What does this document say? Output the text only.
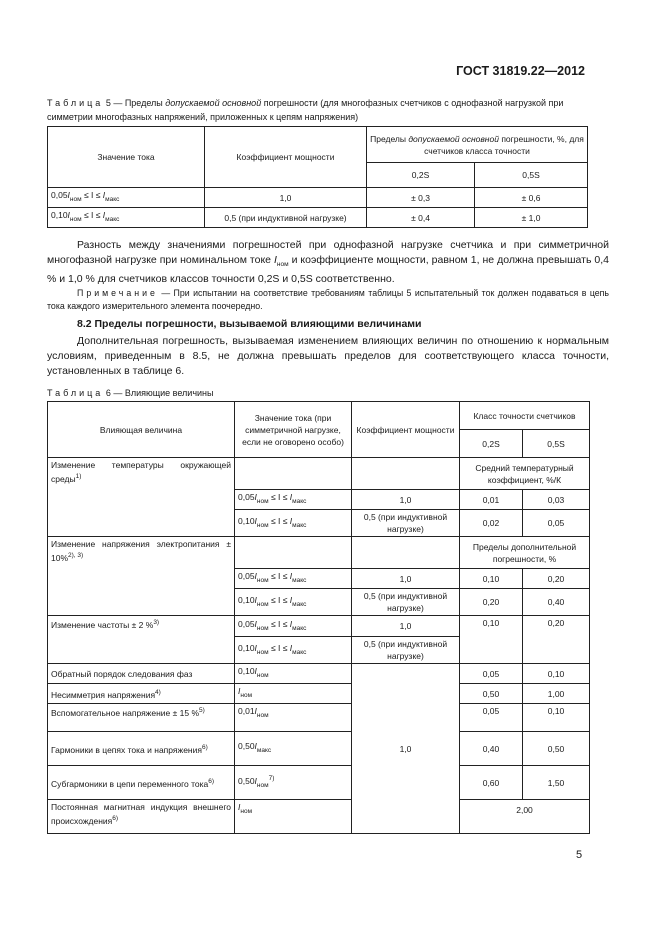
ГОСТ 31819.22—2012
Таблица 5 — Пределы допускаемой основной погрешности (для многофазных счетчиков с однофазной нагрузкой при симметрии многофазных напряжений, приложенных к цепям напряжения)
Значение тока	Коэффициент мощности	Пределы допускаемой основной погрешности, %, для счетчиков класса точности	
		0,2S	0,5S
$0,05I_{ном} \le I \le I_{макс}$	1,0	± 0,3	± 0,6
$0,10I_{ном} \le I \le I_{макс}$	0,5 (при индуктивной нагрузке)	± 0,4	± 1,0

Разность между значениями погрешностей при однофазной нагрузке счетчика и при симметричной многофазной нагрузке при номинальном токе $I_{ном}$ и коэффициенте мощности, равном 1, не должна превышать 0,4 % и 1,0 % для счетчиков классов точности 0,2S и 0,5S соответственно.

Примечание — При испытании на соответствие требованиям таблицы 5 испытательный ток должен подаваться в цепь тока каждого измерительного элемента поочередно.

8.2 Пределы погрешности, вызываемой влияющими величинами

Дополнительная погрешность, вызываемая изменением влияющих величин по отношению к нормальным условиям, приведенным в 8.5, не должна превышать пределов для соответствующего класса точности, установленных в таблице 6.

Таблица 6 — Влияющие величины
Влияющая величина	Значение тока (при симметричной нагрузке, если не оговорено особо)	Коэффициент мощности	Класс точности счетчиков	
			0,2S	0,5S
Изменение температуры окружающей среды$^{1)}$			Средний температурный коэффициент, %/К	
	$0,05I_{ном} \le I \le I_{макс}$	1,0	0,01	0,03
	$0,10I_{ном} \le I \le I_{макс}$	0,5 (при индуктивной нагрузке)	0,02	0,05
Изменение напряжения электропитания ± 10%$^{2), 3)}$			Пределы дополнительной погрешности, %	
	$0,05I_{ном} \le I \le I_{макс}$	1,0	0,10	0,20
	$0,10I_{ном} \le I \le I_{макс}$	0,5 (при индуктивной нагрузке)	0,20	0,40
Изменение частоты ± 2 %$^{3)}$	$0,05I_{ном} \le I \le I_{макс}$	1,0	0,10	0,20
	$0,10I_{ном} \le I \le I_{макс}$	0,5 (при индуктивной нагрузке)		
Обратный порядок следования фаз	$0,10I_{ном}$	1,0	0,05	0,10
Несимметрия напряжения$^{4)}$	$I_{ном}$		0,50	1,00
Вспомогательное напряжение ± 15 %$^{5)}$	$0,01I_{ном}$		0,05	0,10
Гармоники в цепях тока и напряжения$^{6)}$	$0,50I_{макс}$		0,40	0,50
Субгармоники в цепи переменного тока$^{6)}$	$0,50I_{ном}^{7)}$		0,60	1,50
Постоянная магнитная индукция внешнего происхождения$^{6)}$	$I_{ном}$		2,00	

5
